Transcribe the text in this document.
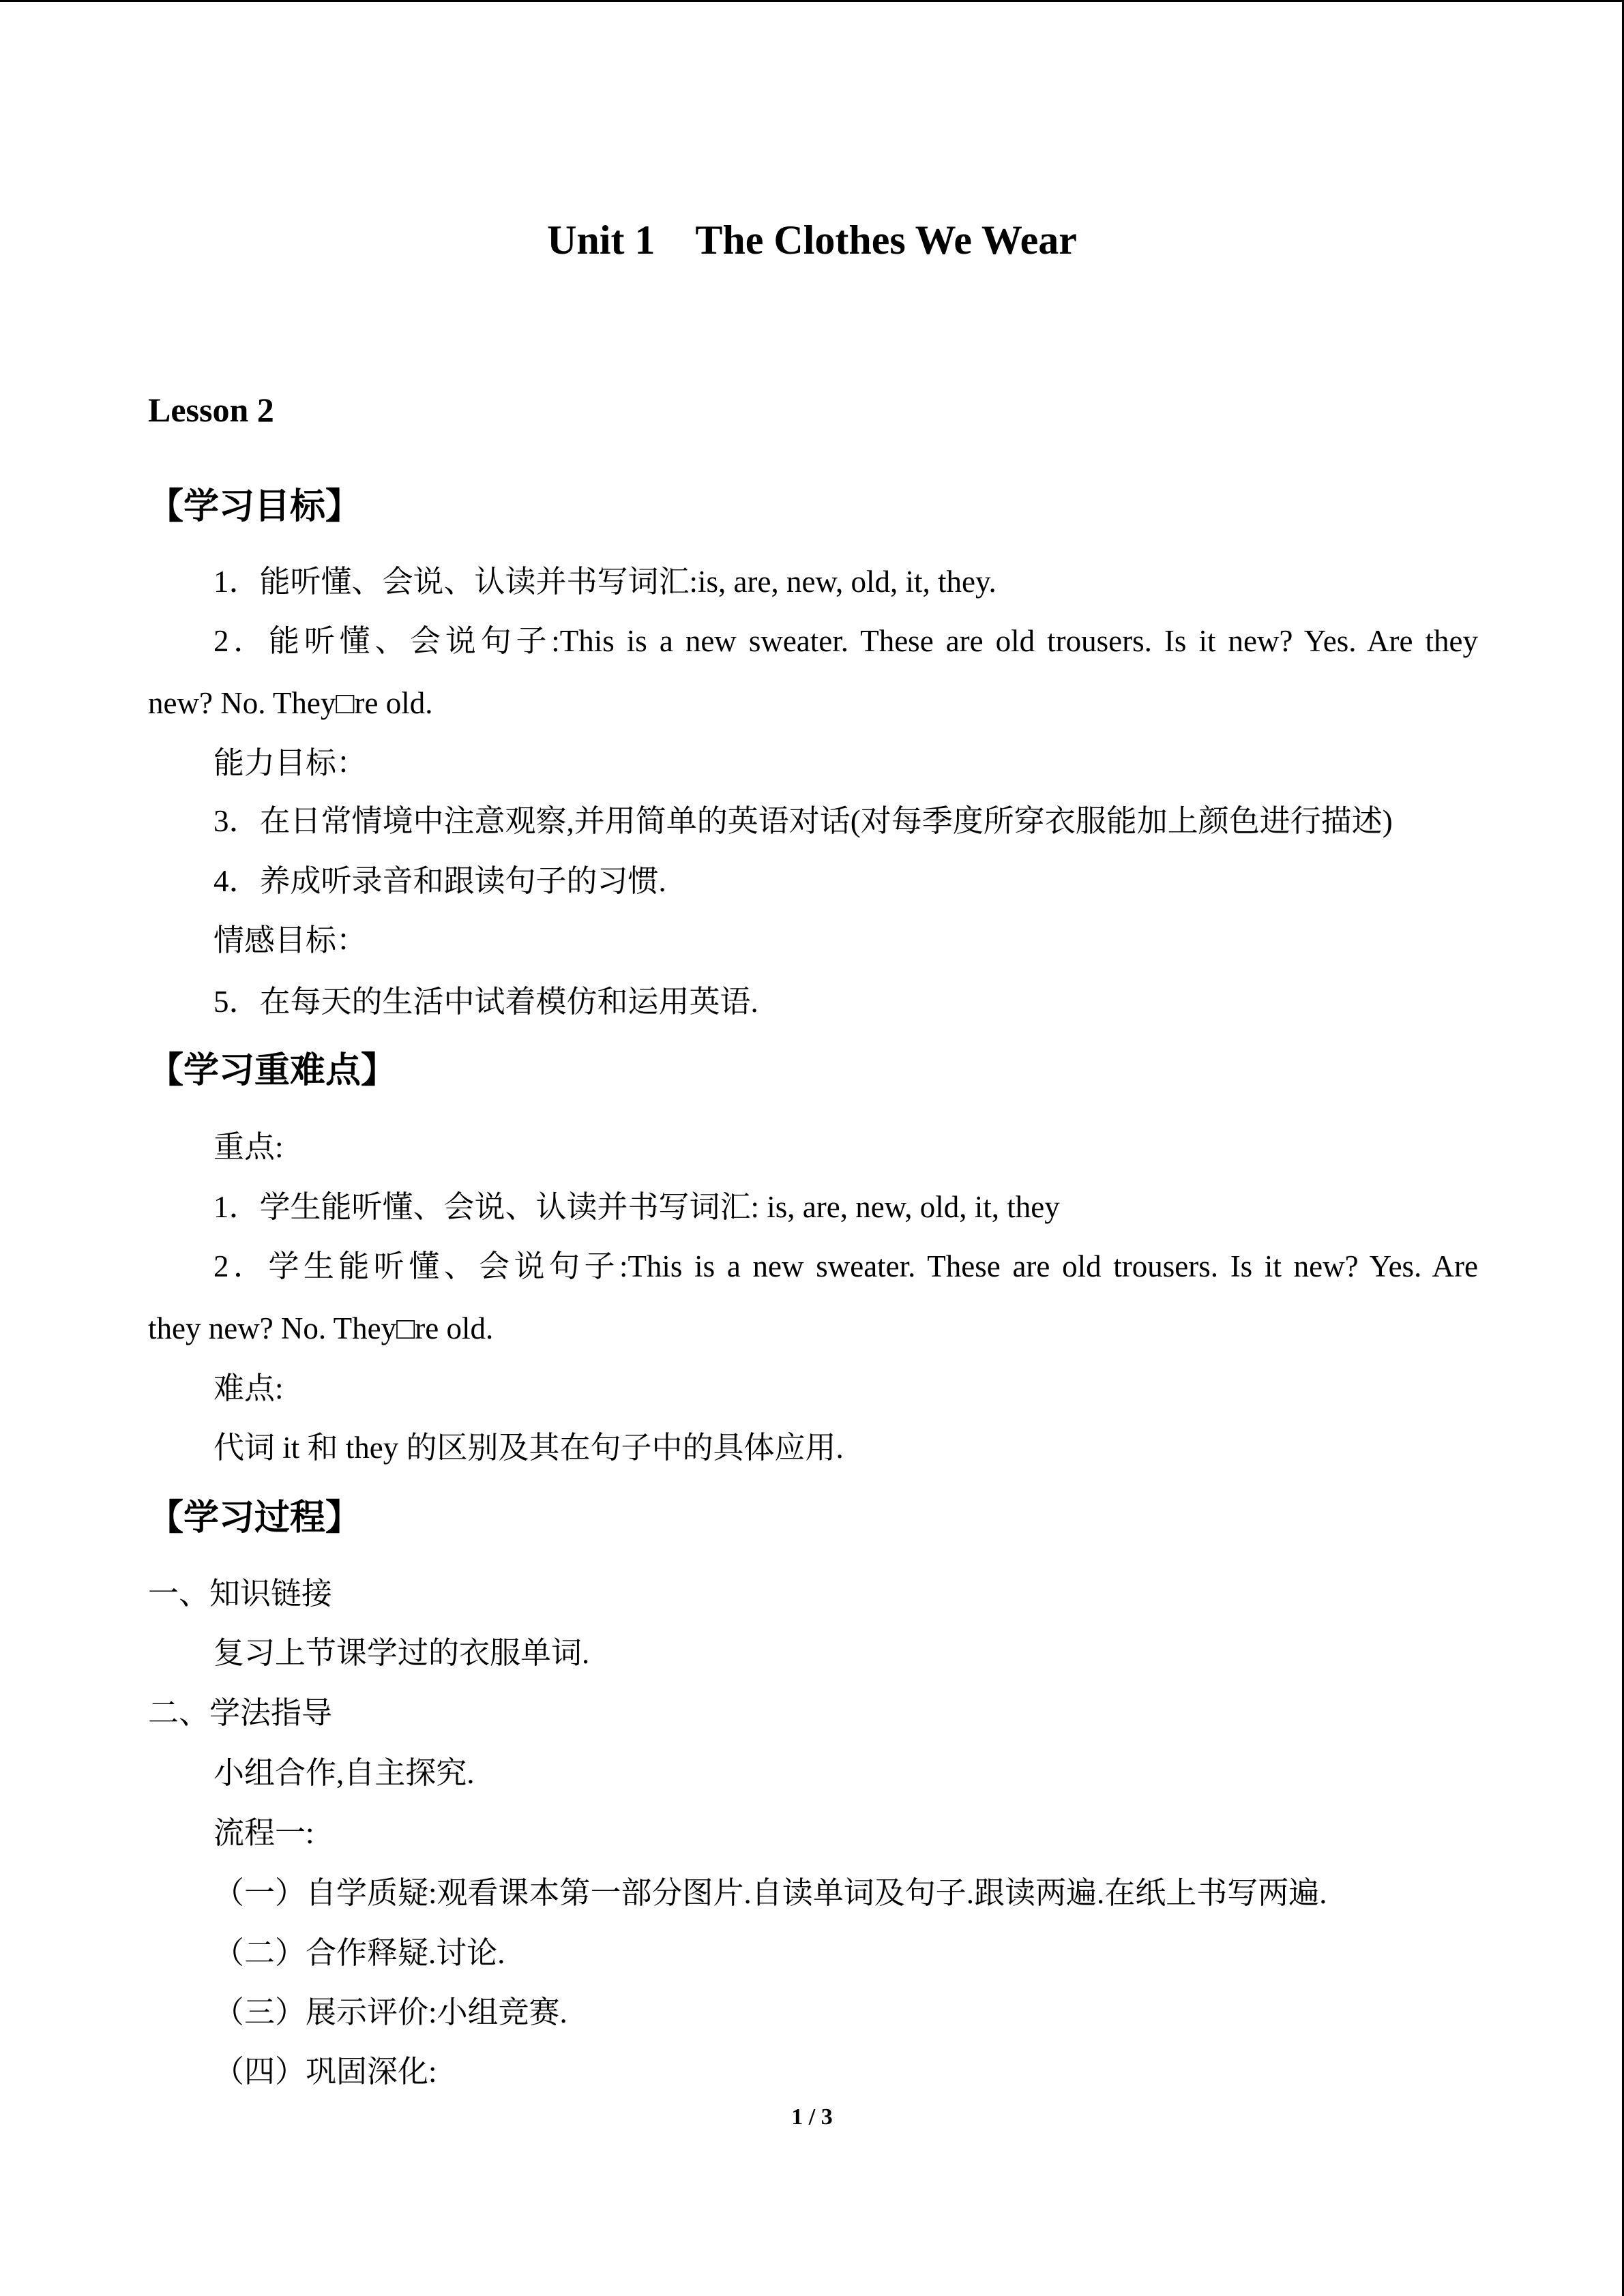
Unit 1    The Clothes We Wear
Lesson 2
【学习目标】

1．能听懂、会说、认读并书写词汇:is, are, new, old, it, they.

2．能听懂、会说句子:This is a new sweater. These are old trousers. Is it new? Yes. Are they

new? No. They□re old.

能力目标：

3．在日常情境中注意观察,并用简单的英语对话(对每季度所穿衣服能加上颜色进行描述)

4．养成听录音和跟读句子的习惯.

情感目标：

5．在每天的生活中试着模仿和运用英语.

【学习重难点】

重点:

1．学生能听懂、会说、认读并书写词汇: is, are, new, old, it, they

2．学生能听懂、会说句子:This is a new sweater. These are old trousers. Is it new? Yes. Are

they new? No. They□re old.

难点:

代词 it 和 they 的区别及其在句子中的具体应用.

【学习过程】

一、知识链接

复习上节课学过的衣服单词.

二、学法指导

小组合作,自主探究.

流程一:

（一）自学质疑:观看课本第一部分图片.自读单词及句子.跟读两遍.在纸上书写两遍.

（二）合作释疑.讨论.

（三）展示评价:小组竞赛.

（四）巩固深化:

1 / 3
